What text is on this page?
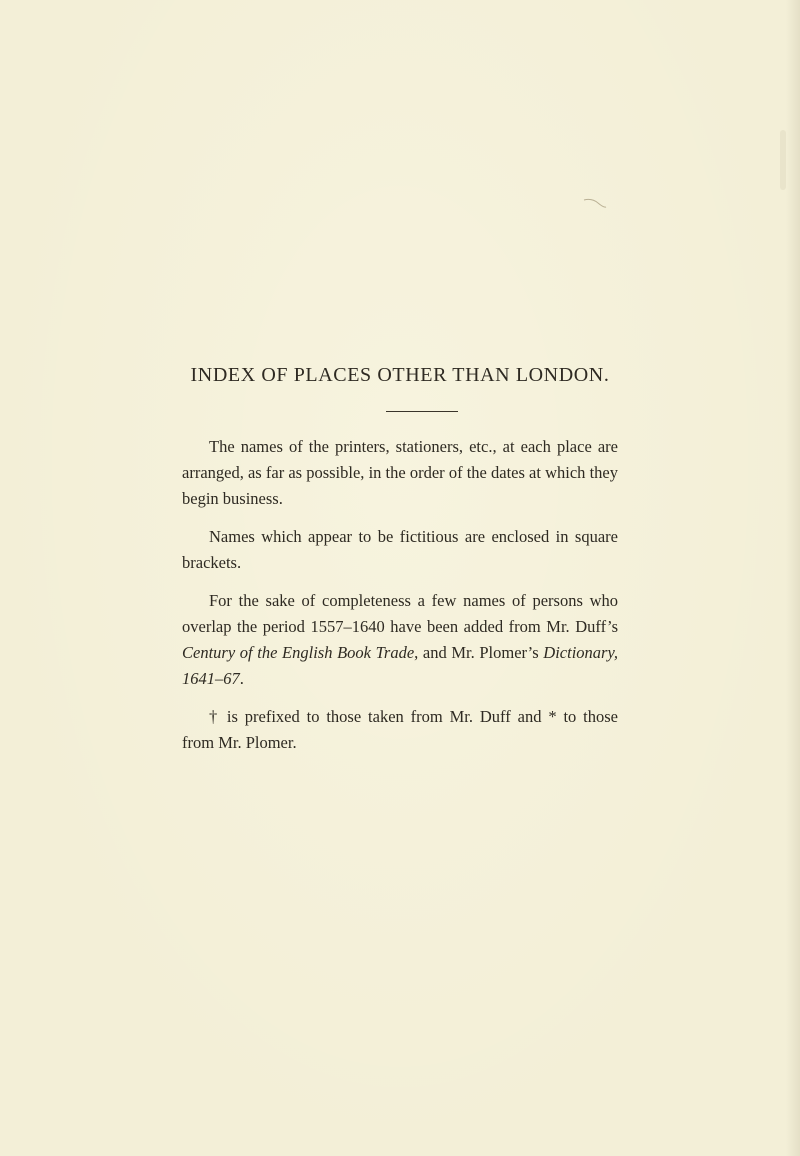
INDEX OF PLACES OTHER THAN LONDON.

The names of the printers, stationers, etc., at each place are arranged, as far as possible, in the order of the dates at which they begin business.

Names which appear to be fictitious are enclosed in square brackets.

For the sake of completeness a few names of persons who overlap the period 1557–1640 have been added from Mr. Duff’s Century of the English Book Trade, and Mr. Plomer’s Dictionary, 1641–67.

† is prefixed to those taken from Mr. Duff and * to those from Mr. Plomer.
